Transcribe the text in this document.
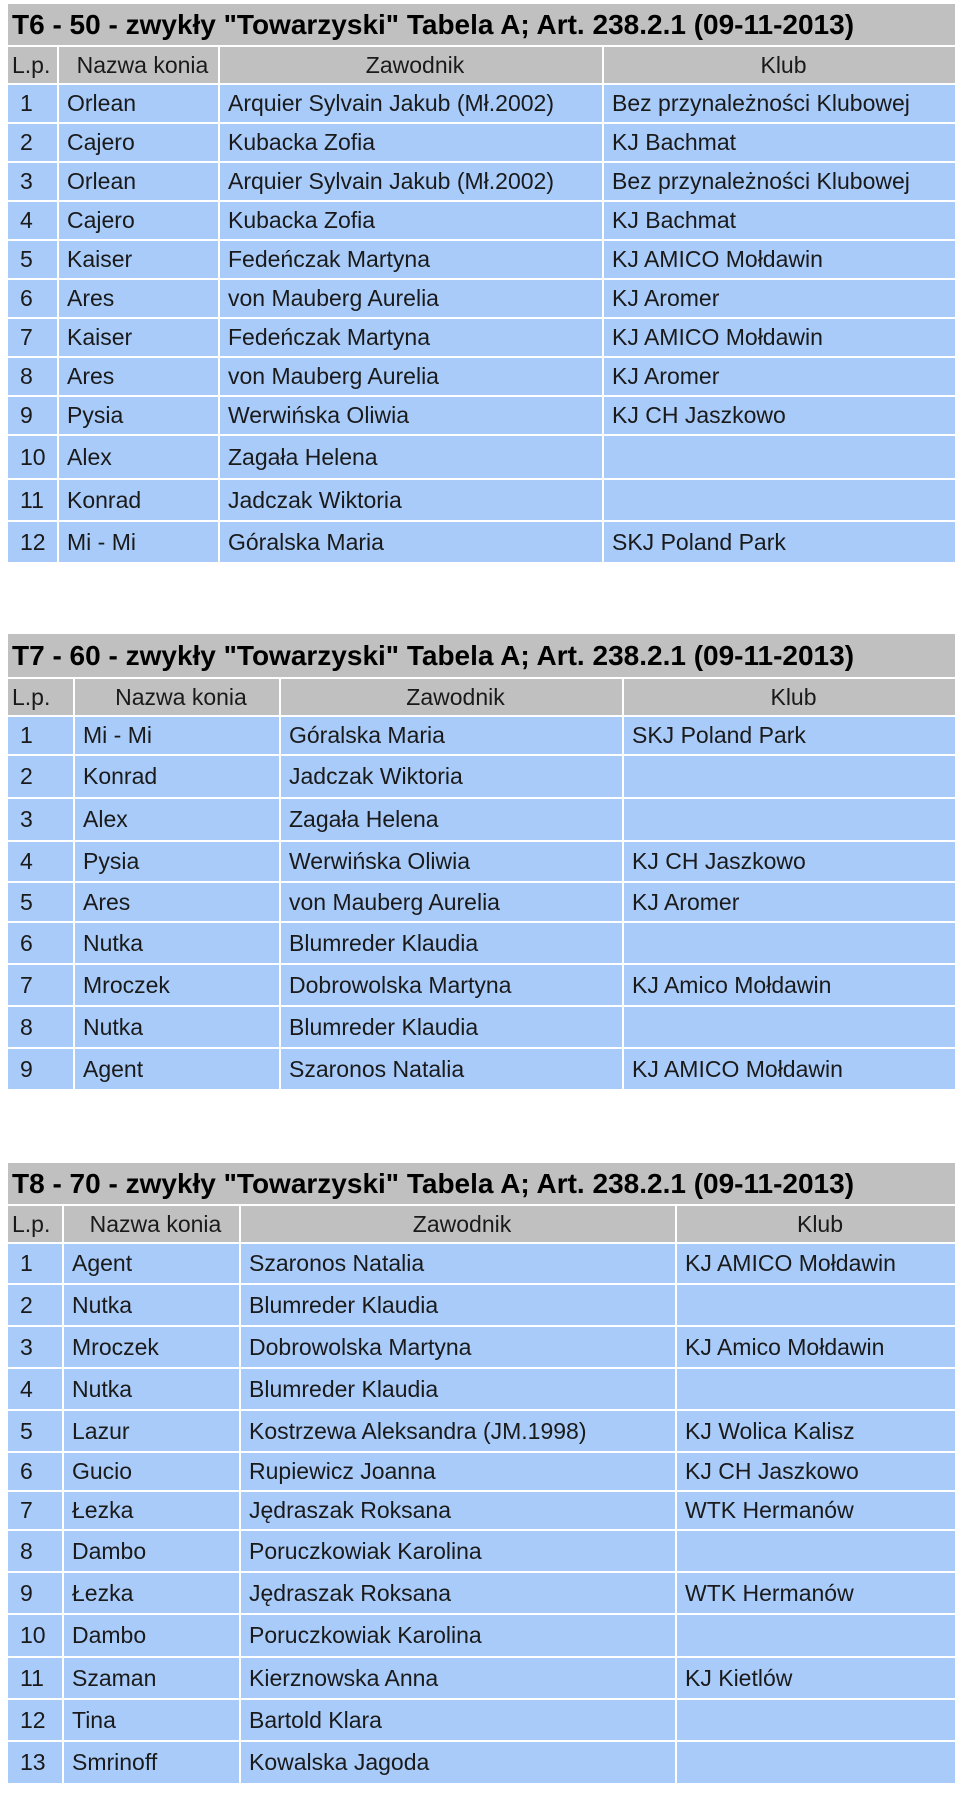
T6 - 50 - zwykły "Towarzyski" Tabela A; Art. 238.2.1 (09-11-2013)			
L.p.	Nazwa konia	Zawodnik	Klub
1	Orlean	Arquier Sylvain Jakub (Mł.2002)	Bez przynależności Klubowej
2	Cajero	Kubacka Zofia	KJ Bachmat
3	Orlean	Arquier Sylvain Jakub (Mł.2002)	Bez przynależności Klubowej
4	Cajero	Kubacka Zofia	KJ Bachmat
5	Kaiser	Fedeńczak Martyna	KJ AMICO Mołdawin
6	Ares	von Mauberg Aurelia	KJ Aromer
7	Kaiser	Fedeńczak Martyna	KJ AMICO Mołdawin
8	Ares	von Mauberg Aurelia	KJ Aromer
9	Pysia	Werwińska Oliwia	KJ CH Jaszkowo
10	Alex	Zagała Helena	
11	Konrad	Jadczak Wiktoria	
12	Mi - Mi	Góralska Maria	SKJ Poland Park
T7 - 60 - zwykły "Towarzyski" Tabela A; Art. 238.2.1 (09-11-2013)			
L.p.	Nazwa konia	Zawodnik	Klub
1	Mi - Mi	Góralska Maria	SKJ Poland Park
2	Konrad	Jadczak Wiktoria	
3	Alex	Zagała Helena	
4	Pysia	Werwińska Oliwia	KJ CH Jaszkowo
5	Ares	von Mauberg Aurelia	KJ Aromer
6	Nutka	Blumreder Klaudia	
7	Mroczek	Dobrowolska Martyna	KJ Amico Mołdawin
8	Nutka	Blumreder Klaudia	
9	Agent	Szaronos Natalia	KJ AMICO Mołdawin
T8 - 70 - zwykły "Towarzyski" Tabela A; Art. 238.2.1 (09-11-2013)			
L.p.	Nazwa konia	Zawodnik	Klub
1	Agent	Szaronos Natalia	KJ AMICO Mołdawin
2	Nutka	Blumreder Klaudia	
3	Mroczek	Dobrowolska Martyna	KJ Amico Mołdawin
4	Nutka	Blumreder Klaudia	
5	Lazur	Kostrzewa Aleksandra (JM.1998)	KJ Wolica Kalisz
6	Gucio	Rupiewicz Joanna	KJ CH Jaszkowo
7	Łezka	Jędraszak Roksana	WTK Hermanów
8	Dambo	Poruczkowiak Karolina	
9	Łezka	Jędraszak Roksana	WTK Hermanów
10	Dambo	Poruczkowiak Karolina	
11	Szaman	Kierznowska Anna	KJ Kietlów
12	Tina	Bartold Klara	
13	Smrinoff	Kowalska Jagoda	
